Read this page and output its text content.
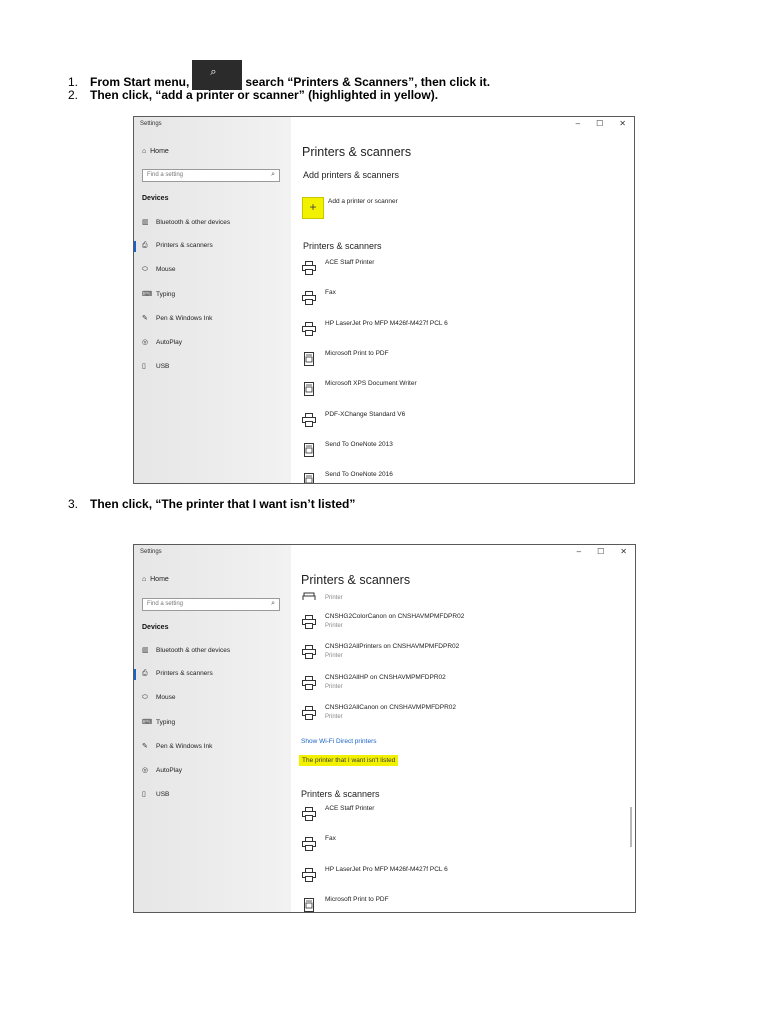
1. From Start menu,
⌕
search “Printers & Scanners”, then click it.
2. Then click, “add a printer or scanner” (highlighted in yellow).
3. Then click, “The printer that I want isn’t listed”
Settings
⌂ Home
Find a setting	⌕
Devices
▥ Bluetooth & other devices
⎙ Printers & scanners
⬭ Mouse
⌨ Typing
✎ Pen & Windows Ink
◎ AutoPlay
▯ USB
– ☐ ✕
Printers & scanners
Add printers & scanners
+	Add a printer or scanner
Printers & scanners
ACE Staff Printer
Fax
HP LaserJet Pro MFP M426f-M427f PCL 6
Microsoft Print to PDF
Microsoft XPS Document Writer
PDF-XChange Standard V6
Send To OneNote 2013
Send To OneNote 2016
Settings
⌂ Home
Find a setting	⌕
Devices
▥ Bluetooth & other devices
⎙ Printers & scanners
⬭ Mouse
⌨ Typing
✎ Pen & Windows Ink
◎ AutoPlay
▯ USB
– ☐ ✕
Printers & scanners
Printer
CNSHG2ColorCanon on CNSHAVMPMFDPR02
Printer
CNSHG2AllPrinters on CNSHAVMPMFDPR02
Printer
CNSHG2AllHP on CNSHAVMPMFDPR02
Printer
CNSHG2AllCanon on CNSHAVMPMFDPR02
Printer
Show Wi-Fi Direct printers
The printer that I want isn't listed
Printers & scanners
ACE Staff Printer
Fax
HP LaserJet Pro MFP M426f-M427f PCL 6
Microsoft Print to PDF
